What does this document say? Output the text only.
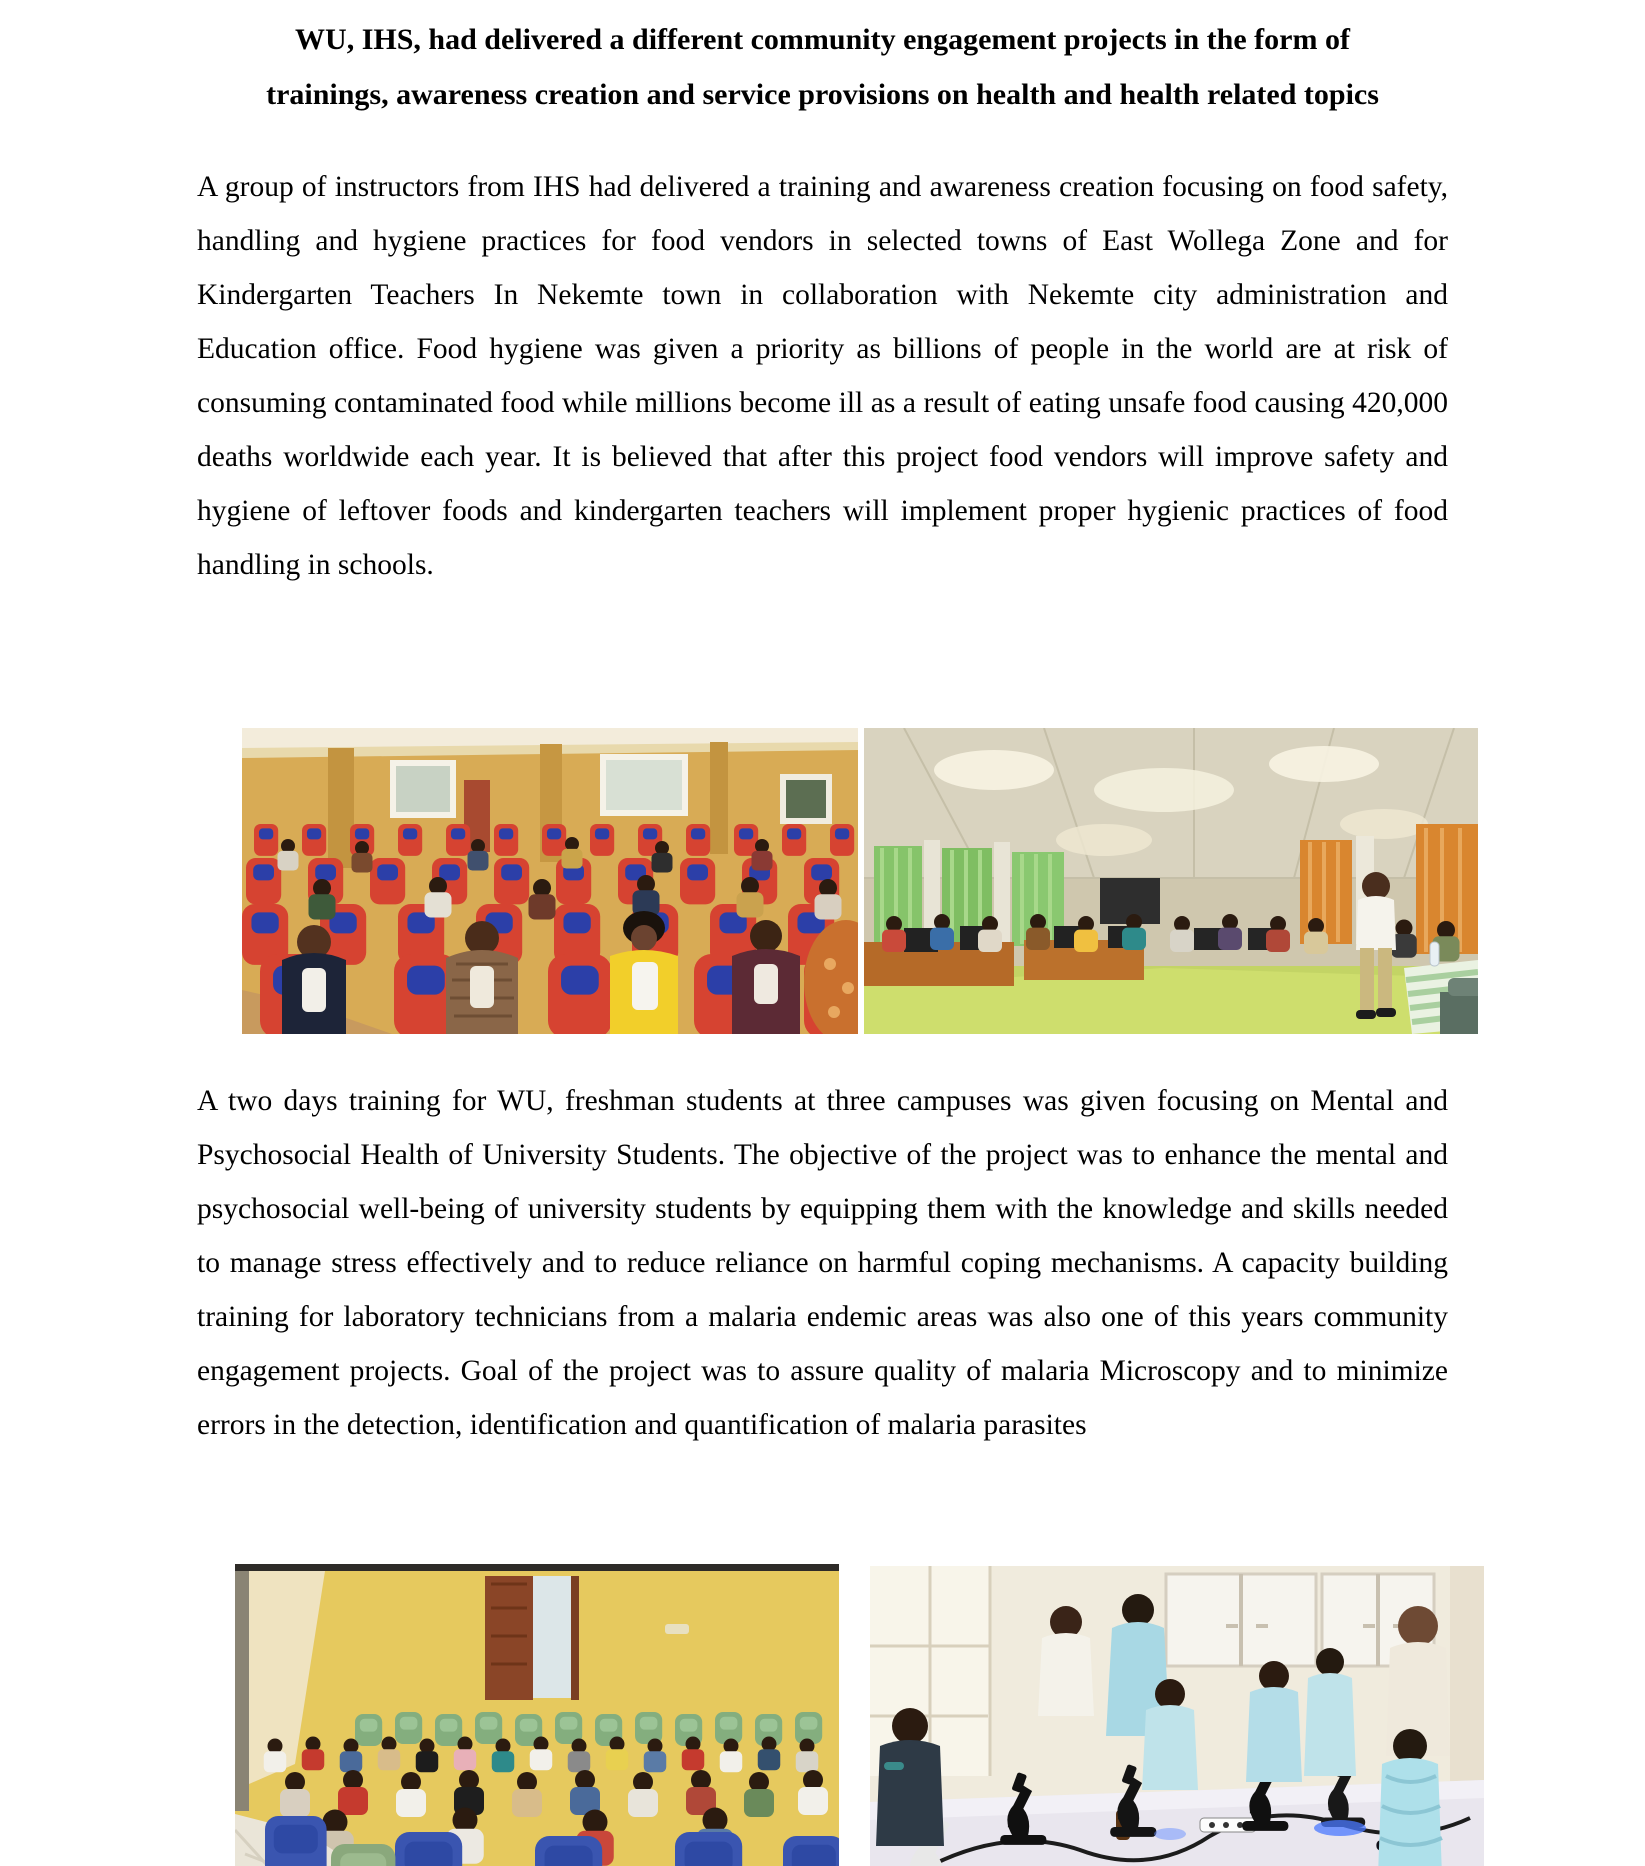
WU, IHS, had delivered a different community engagement projects in the form of
trainings, awareness creation and service provisions on health and health related topics

A group of instructors from IHS had delivered a training and awareness creation focusing on food safety, handling and hygiene practices for food vendors in selected towns of East Wollega Zone and for Kindergarten Teachers In Nekemte town in collaboration with Nekemte city administration and Education office. Food hygiene was given a priority as billions of people in the world are at risk of consuming contaminated food while millions become ill as a result of eating unsafe food causing 420,000 deaths worldwide each year. It is believed that after this project food vendors will improve safety and hygiene of leftover foods and kindergarten teachers will implement proper hygienic practices of food handling in schools.

A two days training for WU, freshman students at three campuses was given focusing on Mental and Psychosocial Health of University Students. The objective of the project was to enhance the mental and psychosocial well-being of university students by equipping them with the knowledge and skills needed to manage stress effectively and to reduce reliance on harmful coping mechanisms. A capacity building training for laboratory technicians from a malaria endemic areas was also one of this years community engagement projects. Goal of the project was to assure quality of malaria Microscopy and to minimize errors in the detection, identification and quantification of malaria parasites
